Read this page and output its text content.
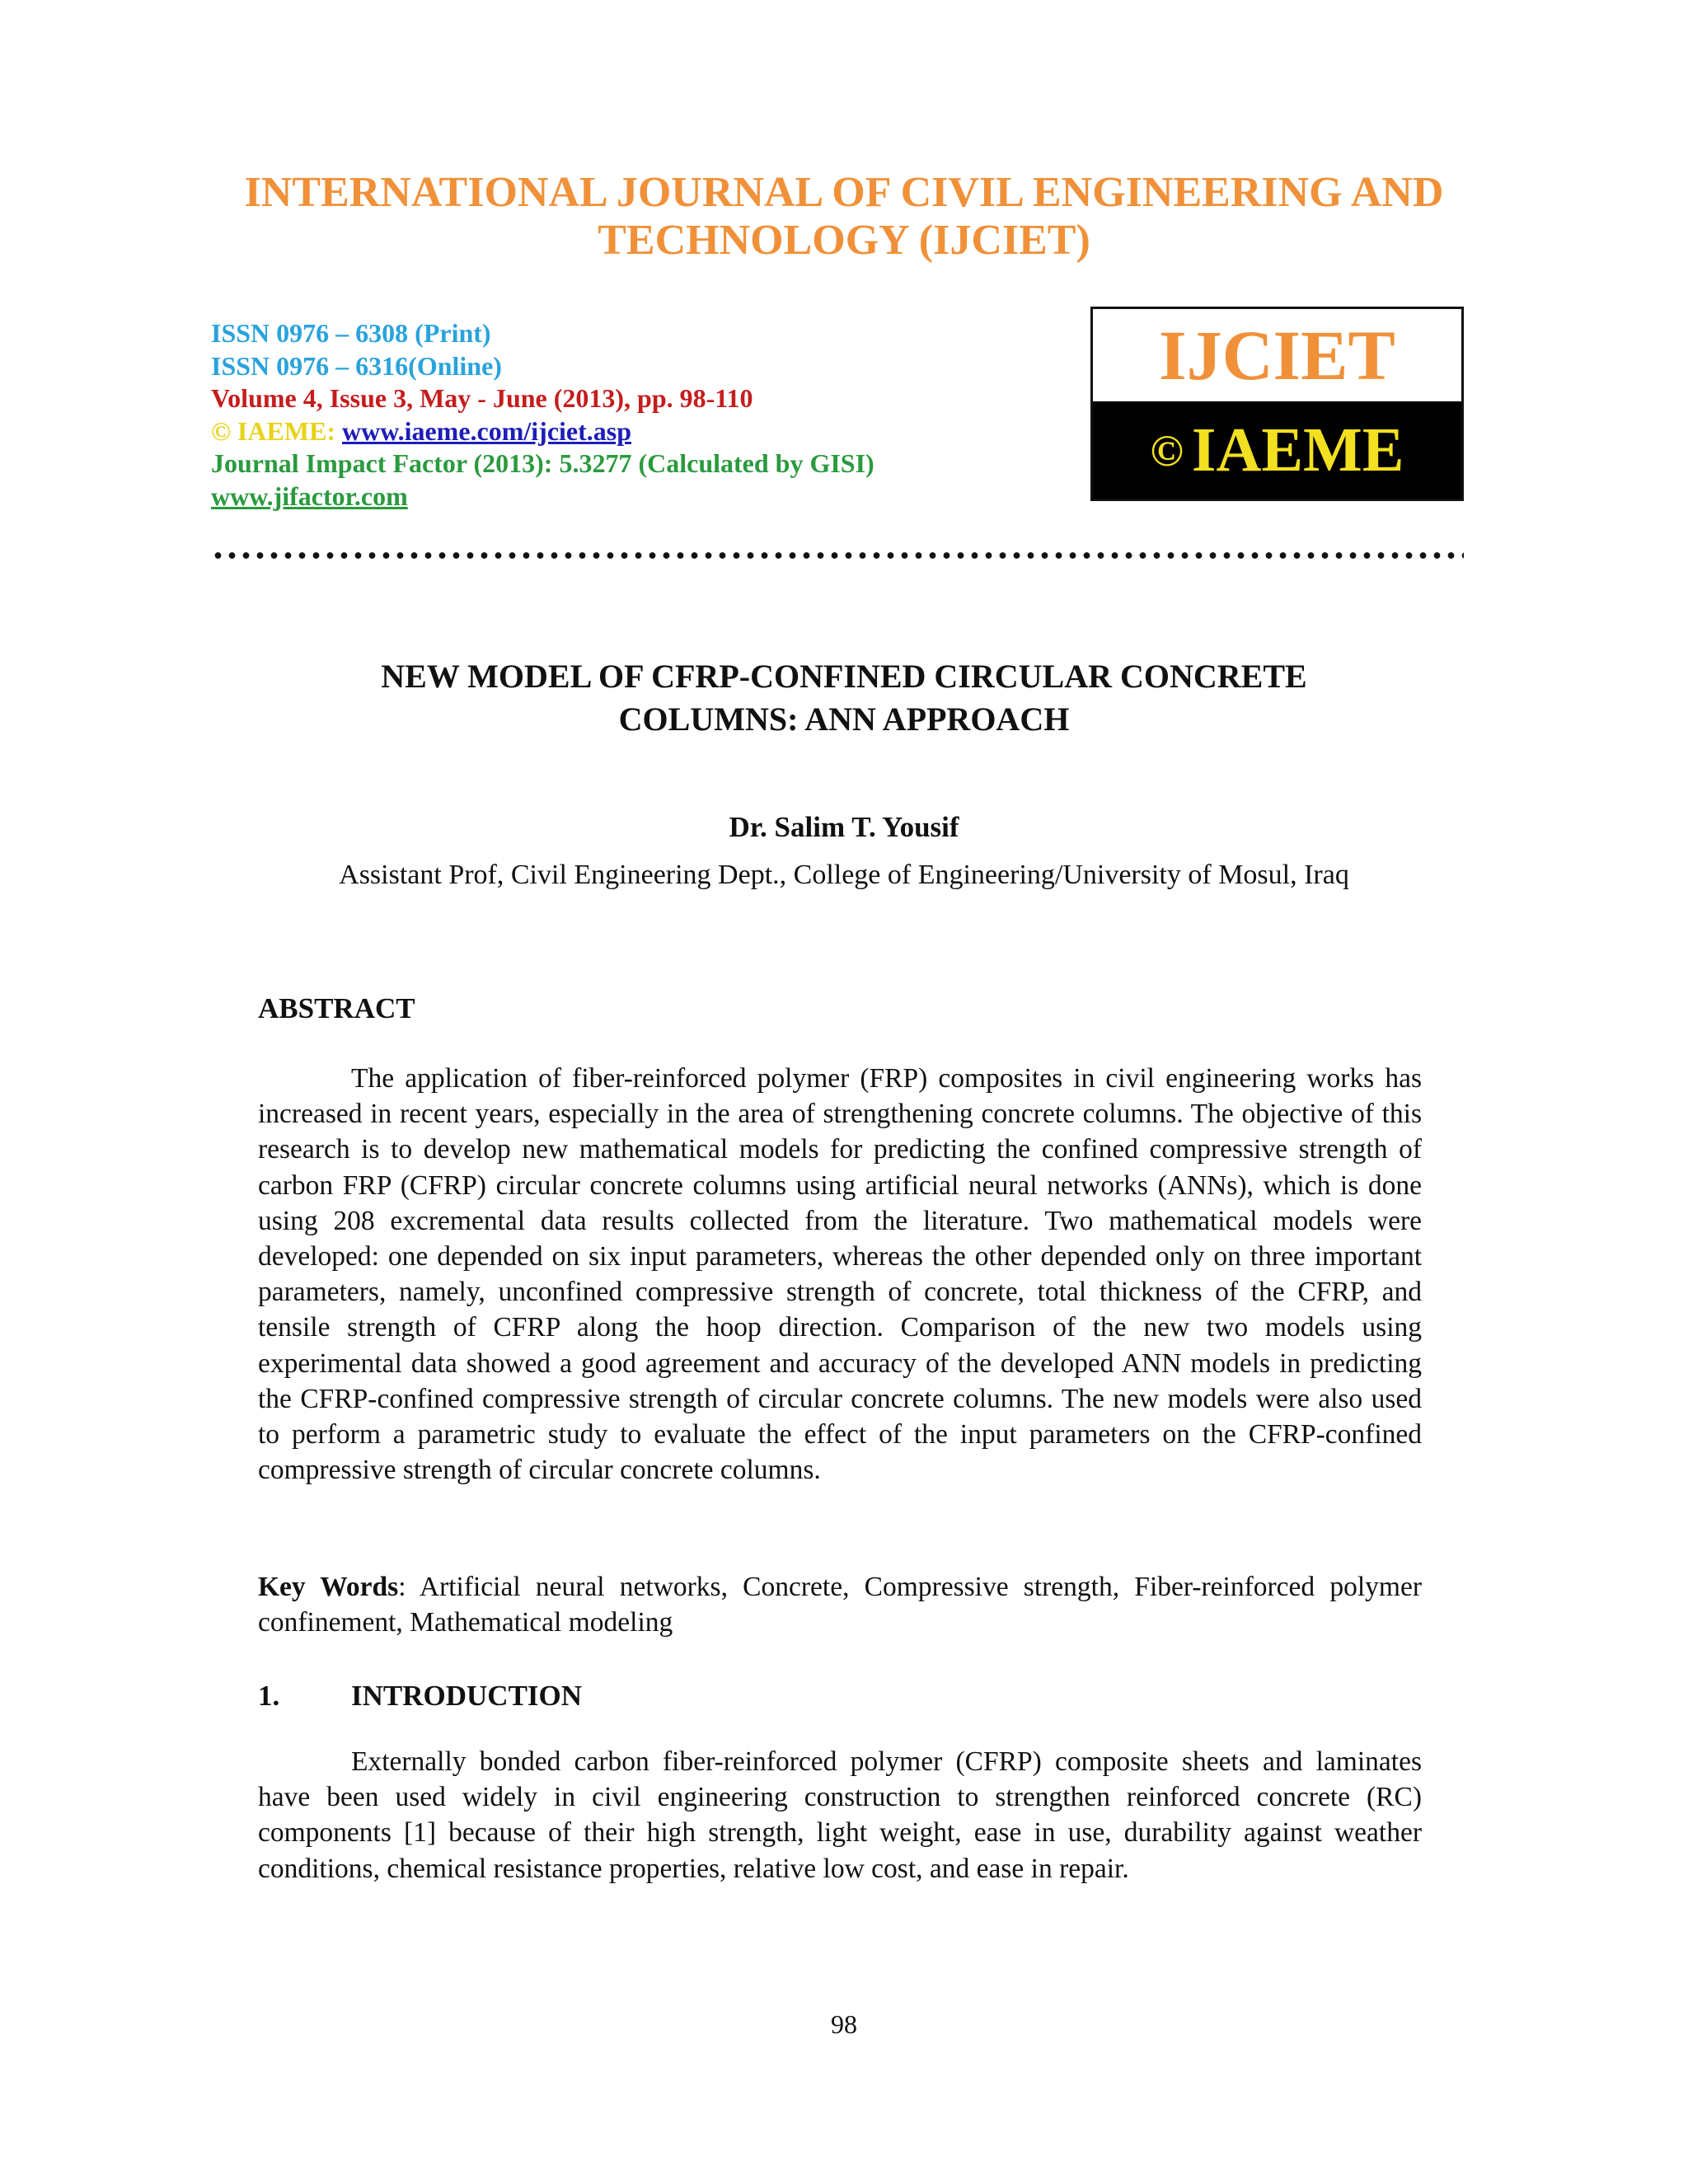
INTERNATIONAL JOURNAL OF CIVIL ENGINEERING AND
TECHNOLOGY (IJCIET)
ISSN 0976 – 6308 (Print)
ISSN 0976 – 6316(Online)
Volume 4, Issue 3, May - June (2013), pp. 98-110
© IAEME: www.iaeme.com/ijciet.asp
Journal Impact Factor (2013): 5.3277 (Calculated by GISI)
www.jifactor.com
IJCIET
© IAEME
NEW MODEL OF CFRP-CONFINED CIRCULAR CONCRETE
COLUMNS: ANN APPROACH
Dr. Salim T. Yousif
Assistant Prof, Civil Engineering Dept., College of Engineering/University of Mosul, Iraq
ABSTRACT

The application of fiber-reinforced polymer (FRP) composites in civil engineering works has increased in recent years, especially in the area of strengthening concrete columns. The objective of this research is to develop new mathematical models for predicting the confined compressive strength of carbon FRP (CFRP) circular concrete columns using artificial neural networks (ANNs), which is done using 208 excremental data results collected from the literature. Two mathematical models were developed: one depended on six input parameters, whereas the other depended only on three important parameters, namely, unconfined compressive strength of concrete, total thickness of the CFRP, and tensile strength of CFRP along the hoop direction. Comparison of the new two models using experimental data showed a good agreement and accuracy of the developed ANN models in predicting the CFRP-confined compressive strength of circular concrete columns. The new models were also used to perform a parametric study to evaluate the effect of the input parameters on the CFRP-confined compressive strength of circular concrete columns.

Key Words: Artificial neural networks, Concrete, Compressive strength, Fiber-reinforced polymer confinement, Mathematical modeling
1. INTRODUCTION

Externally bonded carbon fiber-reinforced polymer (CFRP) composite sheets and laminates have been used widely in civil engineering construction to strengthen reinforced concrete (RC) components [1] because of their high strength, light weight, ease in use, durability against weather conditions, chemical resistance properties, relative low cost, and ease in repair.

98
